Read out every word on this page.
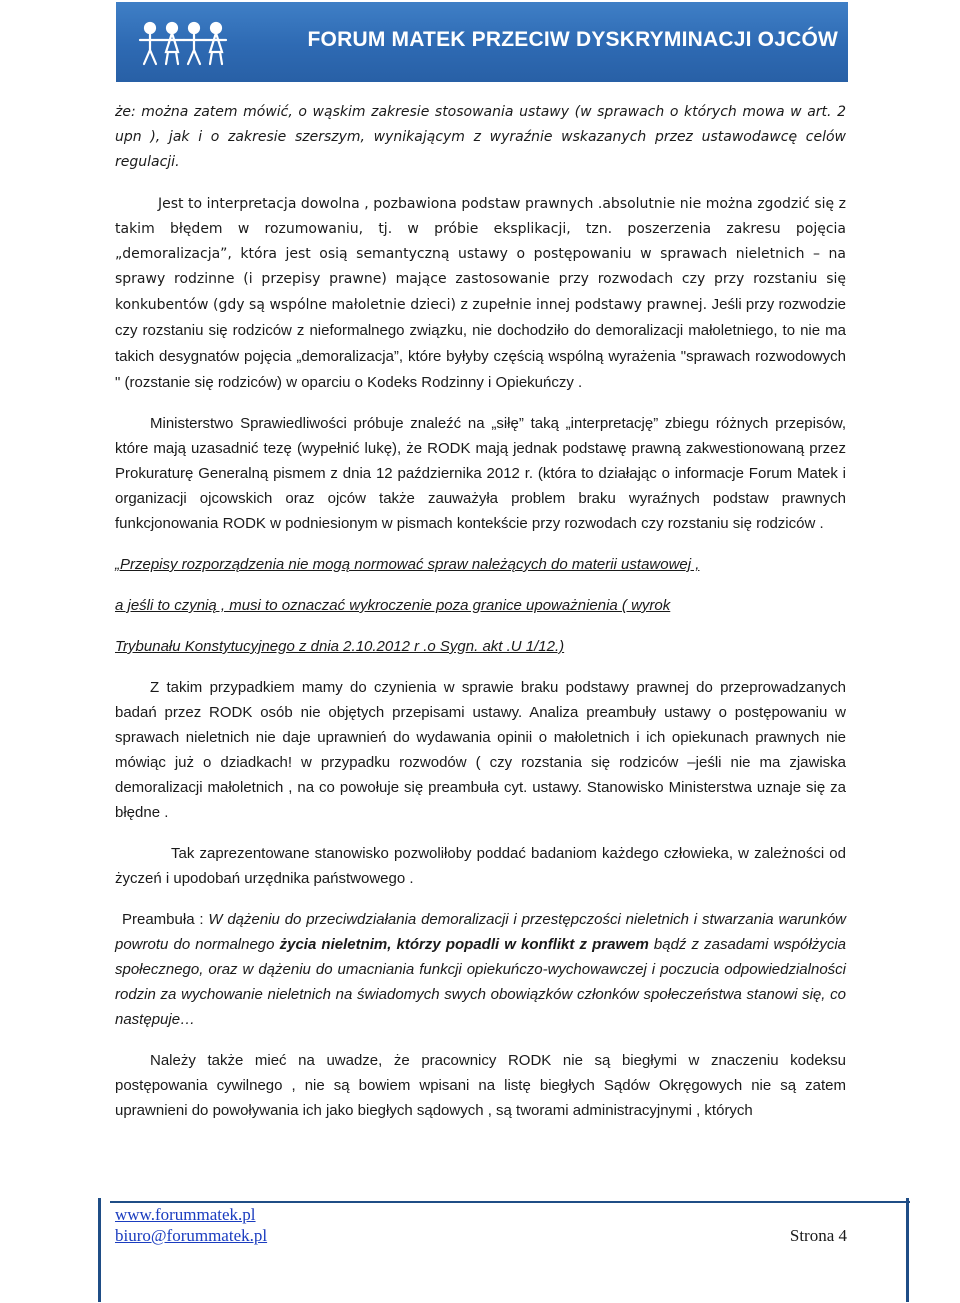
FORUM MATEK PRZECIW DYSKRYMINACJI OJCÓW

że: można zatem mówić, o wąskim zakresie stosowania ustawy (w sprawach o których mowa w art. 2 upn ), jak i o zakresie szerszym, wynikającym z wyraźnie wskazanych przez ustawodawcę celów regulacji.

Jest to interpretacja dowolna , pozbawiona podstaw prawnych .absolutnie nie można zgodzić się z takim błędem w rozumowaniu, tj. w próbie eksplikacji, tzn. poszerzenia zakresu pojęcia „demoralizacja”, która jest osią semantyczną ustawy o postępowaniu w sprawach nieletnich – na sprawy rodzinne (i przepisy prawne) mające zastosowanie przy rozwodach czy przy rozstaniu się konkubentów (gdy są wspólne małoletnie dzieci) z zupełnie innej podstawy prawnej. Jeśli przy rozwodzie czy rozstaniu się rodziców z nieformalnego związku, nie dochodziło do demoralizacji małoletniego, to nie ma takich desygnatów pojęcia „demoralizacja”, które byłyby częścią wspólną wyrażenia "sprawach rozwodowych " (rozstanie się rodziców) w oparciu o Kodeks Rodzinny i Opiekuńczy .

Ministerstwo Sprawiedliwości próbuje znaleźć na „siłę” taką „interpretację” zbiegu różnych przepisów, które mają uzasadnić tezę (wypełnić lukę), że RODK mają jednak podstawę prawną zakwestionowaną przez Prokuraturę Generalną pismem z dnia 12 października 2012 r. (która to działając o informacje Forum Matek i organizacji ojcowskich oraz ojców także zauważyła problem braku wyraźnych podstaw prawnych funkcjonowania RODK w podniesionym w pismach kontekście przy rozwodach czy rozstaniu się rodziców .

„Przepisy rozporządzenia nie mogą normować spraw należących do materii ustawowej ,

a jeśli to czynią , musi to oznaczać wykroczenie poza granice upoważnienia ( wyrok

Trybunału Konstytucyjnego z dnia 2.10.2012 r .o Sygn. akt .U 1/12.)

Z takim przypadkiem mamy do czynienia w sprawie braku podstawy prawnej do przeprowadzanych badań przez RODK osób nie objętych przepisami ustawy. Analiza preambuły ustawy o postępowaniu w sprawach nieletnich nie daje uprawnień do wydawania opinii o małoletnich i ich opiekunach prawnych nie mówiąc już o dziadkach! w przypadku rozwodów ( czy rozstania się rodziców –jeśli nie ma zjawiska demoralizacji małoletnich , na co powołuje się preambuła cyt. ustawy. Stanowisko Ministerstwa uznaje się za błędne .

Tak zaprezentowane stanowisko pozwoliłoby poddać badaniom każdego człowieka, w zależności od życzeń i upodobań urzędnika państwowego .

Preambuła : W dążeniu do przeciwdziałania demoralizacji i przestępczości nieletnich i stwarzania warunków powrotu do normalnego życia nieletnim, którzy popadli w konflikt z prawem bądź z zasadami współżycia społecznego, oraz w dążeniu do umacniania funkcji opiekuńczo-wychowawczej i poczucia odpowiedzialności rodzin za wychowanie nieletnich na świadomych swych obowiązków członków społeczeństwa stanowi się, co następuje…

Należy także mieć na uwadze, że pracownicy RODK nie są biegłymi w znaczeniu kodeksu postępowania cywilnego , nie są bowiem wpisani na listę biegłych Sądów Okręgowych nie są zatem uprawnieni do powoływania ich jako biegłych sądowych , są tworami administracyjnymi , których

www.forummatek.pl
biuro@forummatek.pl	Strona 4
